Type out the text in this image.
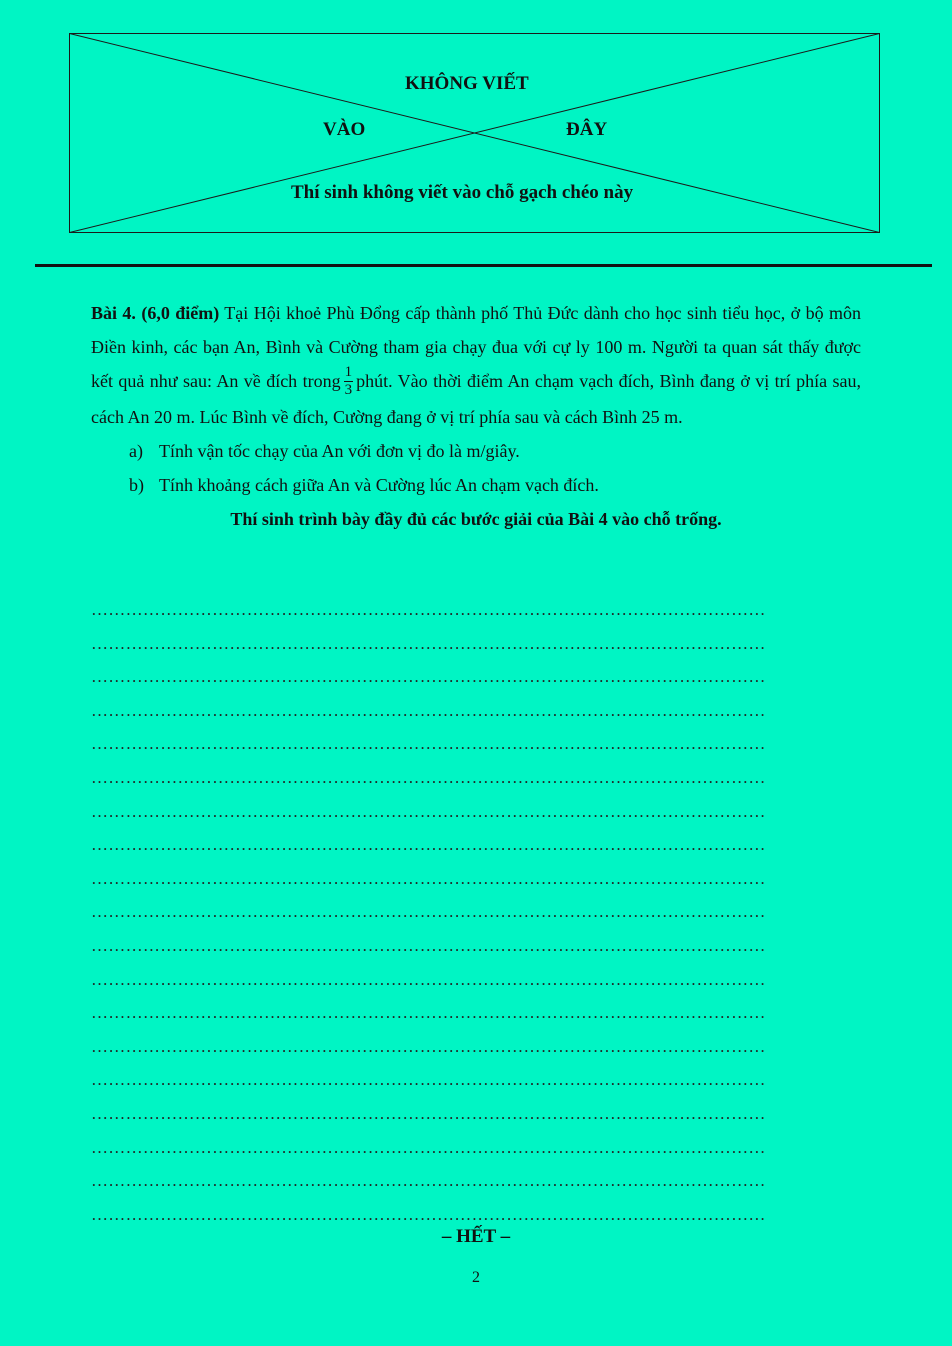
KHÔNG VIẾT
VÀO	ĐÂY
Thí sinh không viết vào chỗ gạch chéo này

Bài 4. (6,0 điểm) Tại Hội khoẻ Phù Đổng cấp thành phố Thủ Đức dành cho học sinh tiểu học, ở bộ môn Điền kinh, các bạn An, Bình và Cường tham gia chạy đua với cự ly 100 m. Người ta quan sát thấy được kết quả như sau: An về đích trong $\frac{1}{3}$ phút. Vào thời điểm An chạm vạch đích, Bình đang ở vị trí phía sau, cách An 20 m. Lúc Bình về đích, Cường đang ở vị trí phía sau và cách Bình 25 m.

a) Tính vận tốc chạy của An với đơn vị đo là m/giây.
b) Tính khoảng cách giữa An và Cường lúc An chạm vạch đích.

Thí sinh trình bày đầy đủ các bước giải của Bài 4 vào chỗ trống.

………………………………………………………………………………………………………
………………………………………………………………………………………………………
………………………………………………………………………………………………………
………………………………………………………………………………………………………
………………………………………………………………………………………………………
………………………………………………………………………………………………………
………………………………………………………………………………………………………
………………………………………………………………………………………………………
………………………………………………………………………………………………………
………………………………………………………………………………………………………
………………………………………………………………………………………………………
………………………………………………………………………………………………………
………………………………………………………………………………………………………
………………………………………………………………………………………………………
………………………………………………………………………………………………………
………………………………………………………………………………………………………
………………………………………………………………………………………………………
………………………………………………………………………………………………………
………………………………………………………………………………………………………
– HẾT –
2
